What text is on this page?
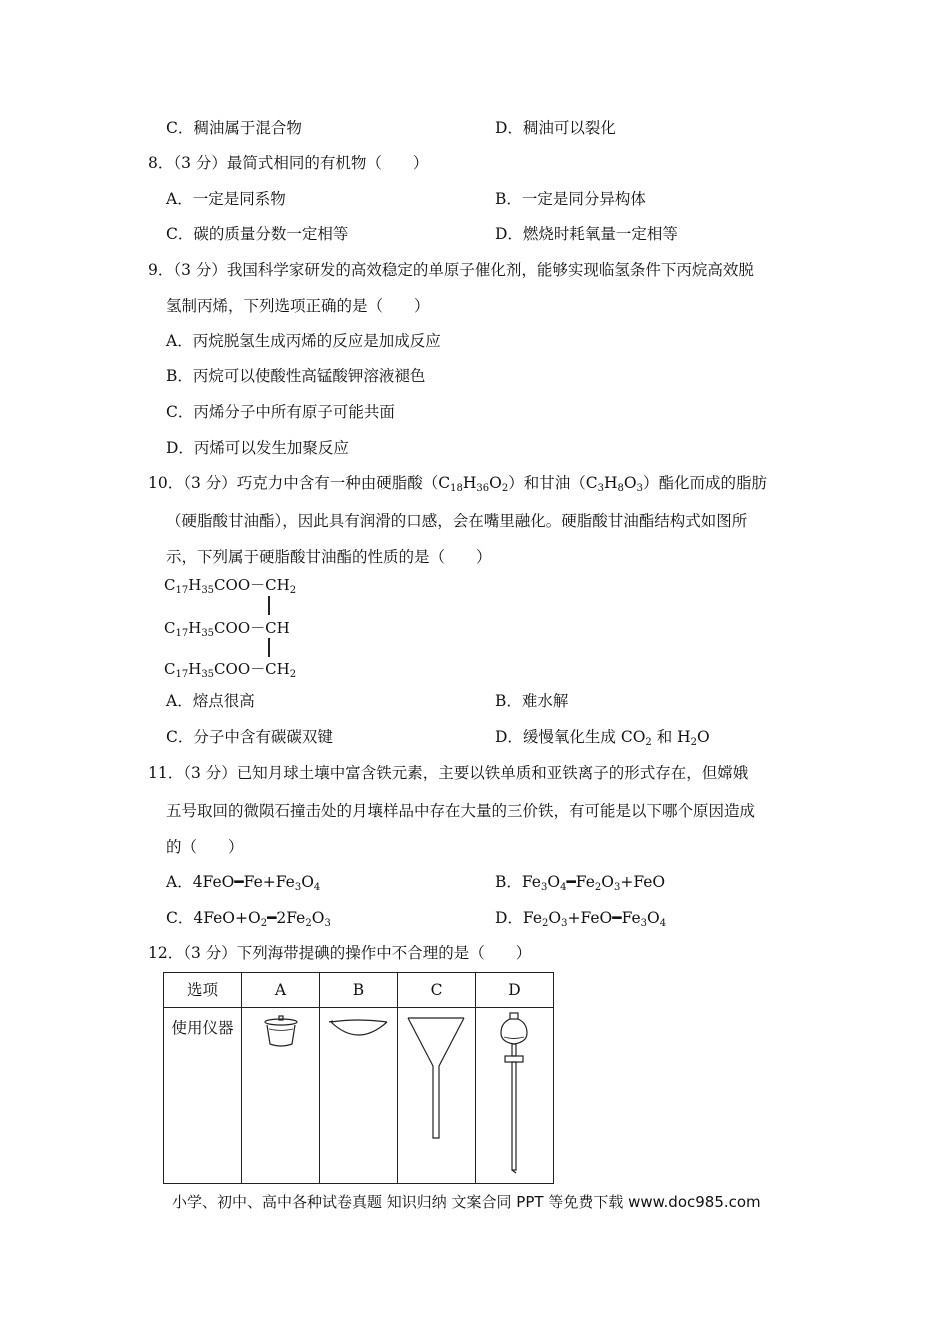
C．稠油属于混合物	D．稠油可以裂化
8．（3 分）最简式相同的有机物（　　）
A．一定是同系物	B．一定是同分异构体
C．碳的质量分数一定相等	D．燃烧时耗氧量一定相等
9．（3 分）我国科学家研发的高效稳定的单原子催化剂，能够实现临氢条件下丙烷高效脱
氢制丙烯，下列选项正确的是（　　）
A．丙烷脱氢生成丙烯的反应是加成反应
B．丙烷可以使酸性高锰酸钾溶液褪色
C．丙烯分子中所有原子可能共面
D．丙烯可以发生加聚反应
10．（3 分）巧克力中含有一种由硬脂酸$(C_{18}H_{36}O_2)$和甘油$(C_3H_8O_3)$酯化而成的脂肪
（硬脂酸甘油酯），因此具有润滑的口感，会在嘴里融化。硬脂酸甘油酯结构式如图所
示，下列属于硬脂酸甘油酯的性质的是（　　）
$C_{17}H_{35}COO-CH_2$
$C_{17}H_{35}COO-CH$
$C_{17}H_{35}COO-CH_2$
A．熔点很高	B．难水解
C．分子中含有碳碳双键	D．缓慢氧化生成 $CO_2$ 和 $H_2O$
11．（3 分）已知月球土壤中富含铁元素，主要以铁单质和亚铁离子的形式存在，但嫦娥
五号取回的微陨石撞击处的月壤样品中存在大量的三价铁，有可能是以下哪个原因造成
的（　　）
A．$4FeO━Fe+Fe_3O_4$	B．$Fe_3O_4━Fe_2O_3+FeO$
C．$4FeO+O_2━2Fe_2O_3$	D．$Fe_2O_3+FeO━Fe_3O_4$
12．（3 分）下列海带提碘的操作中不合理的是（　　）
选项	A	B	C	D
使用仪器				
小学、初中、高中各种试卷真题 知识归纳 文案合同 PPT 等免费下载 www.doc985.com
